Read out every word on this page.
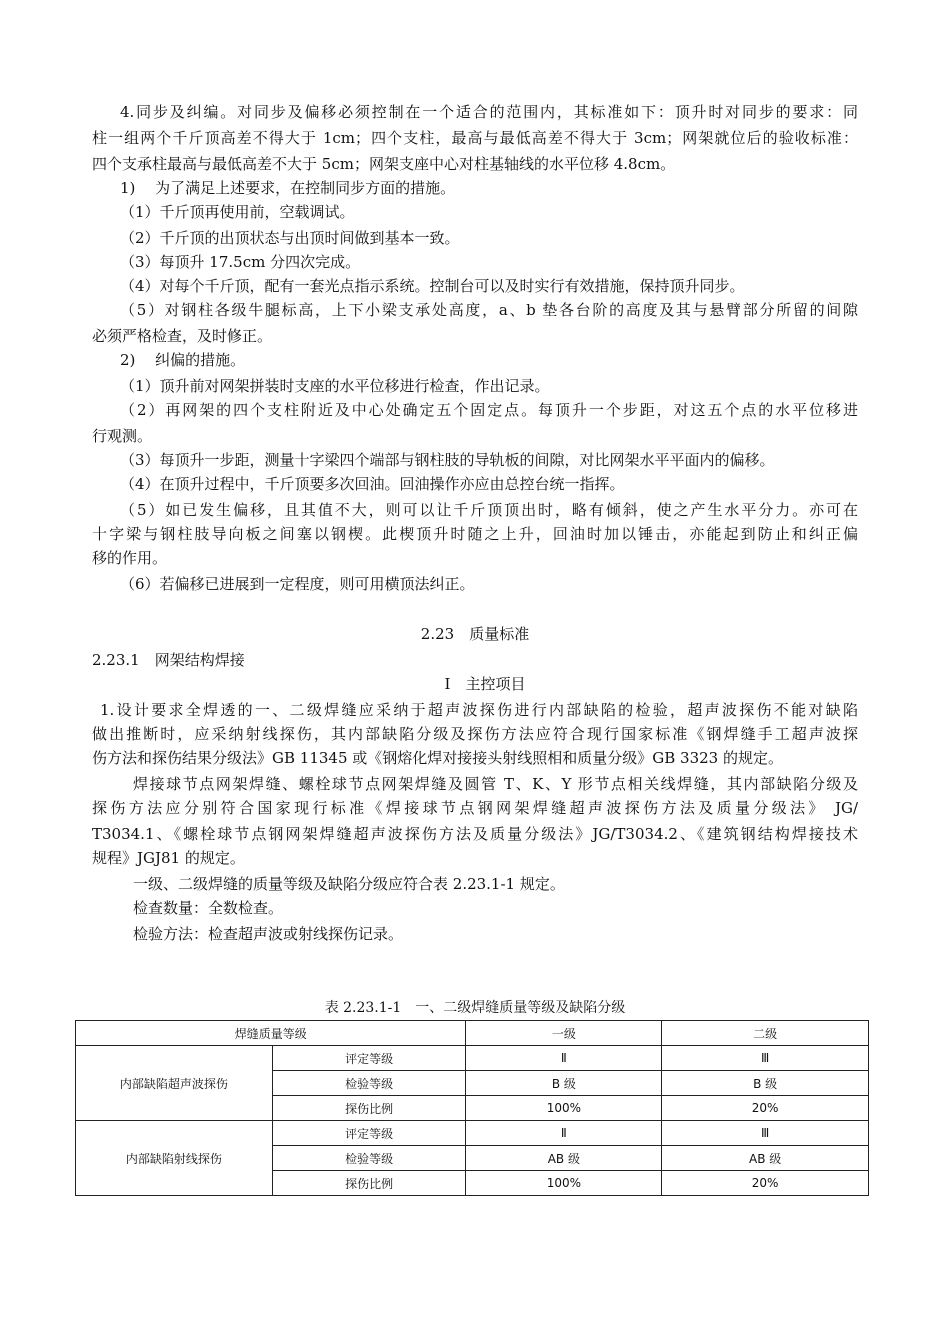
4.同步及纠编。对同步及偏移必须控制在一个适合的范围内，其标准如下：顶升时对同步的要求：同
柱一组两个千斤顶高差不得大于 1cm；四个支柱，最高与最低高差不得大于 3cm；网架就位后的验收标准：
四个支承柱最高与最低高差不大于 5cm；网架支座中心对柱基轴线的水平位移 4.8cm。
1)　 为了满足上述要求，在控制同步方面的措施。
（1）千斤顶再使用前，空载调试。
（2）千斤顶的出顶状态与出顶时间做到基本一致。
（3）每顶升 17.5cm 分四次完成。
（4）对每个千斤顶，配有一套光点指示系统。控制台可以及时实行有效措施，保持顶升同步。
（5）对钢柱各级牛腿标高，上下小梁支承处高度，a、b 垫各台阶的高度及其与悬臂部分所留的间隙
必须严格检查，及时修正。
2)　 纠偏的措施。
（1）顶升前对网架拼装时支座的水平位移进行检查，作出记录。
（2）再网架的四个支柱附近及中心处确定五个固定点。每顶升一个步距，对这五个点的水平位移进
行观测。
（3）每顶升一步距，测量十字梁四个端部与钢柱肢的导轨板的间隙，对比网架水平平面内的偏移。
（4）在顶升过程中，千斤顶要多次回油。回油操作亦应由总控台统一指挥。
（5）如已发生偏移，且其值不大，则可以让千斤顶顶出时，略有倾斜，使之产生水平分力。亦可在
十字梁与钢柱肢导向板之间塞以钢楔。此楔顶升时随之上升，回油时加以锤击，亦能起到防止和纠正偏
移的作用。
（6）若偏移已进展到一定程度，则可用横顶法纠正。
2.23　质量标准
2.23.1　网架结构焊接
Ⅰ　主控项目
1.设计要求全焊透的一、二级焊缝应采纳于超声波探伤进行内部缺陷的检验，超声波探伤不能对缺陷
做出推断时，应采纳射线探伤，其内部缺陷分级及探伤方法应符合现行国家标准《钢焊缝手工超声波探
伤方法和探伤结果分级法》GB 11345 或《钢熔化焊对接接头射线照相和质量分级》GB 3323 的规定。
焊接球节点网架焊缝、螺栓球节点网架焊缝及圆管 T、K、Y 形节点相关线焊缝，其内部缺陷分级及
探伤方法应分别符合国家现行标准《焊接球节点钢网架焊缝超声波探伤方法及质量分级法》 JG/
T3034.1、《螺栓球节点钢网架焊缝超声波探伤方法及质量分级法》JG/T3034.2、《建筑钢结构焊接技术
规程》JGJ81 的规定。
一级、二级焊缝的质量等级及缺陷分级应符合表 2.23.1-1 规定。
检查数量：全数检查。
检验方法：检查超声波或射线探伤记录。
表 2.23.1-1　一、二级焊缝质量等级及缺陷分级
焊缝质量等级		一级	二级
内部缺陷超声波探伤	评定等级	Ⅱ	Ⅲ
	检验等级	B 级	B 级
	探伤比例	100%	20%
内部缺陷射线探伤	评定等级	Ⅱ	Ⅲ
	检验等级	AB 级	AB 级
	探伤比例	100%	20%
